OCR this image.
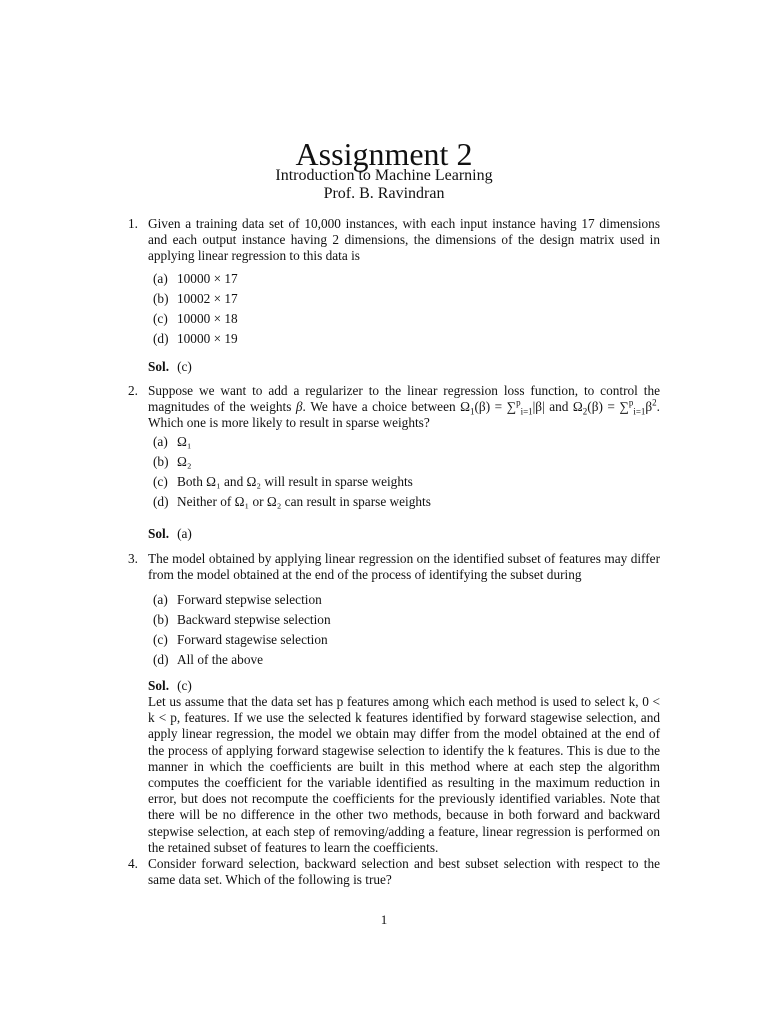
Assignment 2
Introduction to Machine Learning
Prof. B. Ravindran
1. Given a training data set of 10,000 instances, with each input instance having 17 dimensions and each output instance having 2 dimensions, the dimensions of the design matrix used in applying linear regression to this data is
(a) 10000 × 17
(b) 10002 × 17
(c) 10000 × 18
(d) 10000 × 19
Sol. (c)
2. Suppose we want to add a regularizer to the linear regression loss function, to control the magnitudes of the weights β. We have a choice between $\Omega_1(\beta) = \sum^p_{i=1}|\beta|$ and $\Omega_2(\beta) = \sum^p_{i=1}\beta^2$. Which one is more likely to result in sparse weights?
(a) Ω₁
(b) Ω₂
(c) Both Ω₁ and Ω₂ will result in sparse weights
(d) Neither of Ω₁ or Ω₂ can result in sparse weights
Sol. (a)
3. The model obtained by applying linear regression on the identified subset of features may differ from the model obtained at the end of the process of identifying the subset during
(a) Forward stepwise selection
(b) Backward stepwise selection
(c) Forward stagewise selection
(d) All of the above
Sol. (c)
Let us assume that the data set has p features among which each method is used to select k, 0 < k < p, features. If we use the selected k features identified by forward stagewise selection, and apply linear regression, the model we obtain may differ from the model obtained at the end of the process of applying forward stagewise selection to identify the k features. This is due to the manner in which the coefficients are built in this method where at each step the algorithm computes the coefficient for the variable identified as resulting in the maximum reduction in error, but does not recompute the coefficients for the previously identified variables. Note that there will be no difference in the other two methods, because in both forward and backward stepwise selection, at each step of removing/adding a feature, linear regression is performed on the retained subset of features to learn the coefficients.
4. Consider forward selection, backward selection and best subset selection with respect to the same data set. Which of the following is true?
1
